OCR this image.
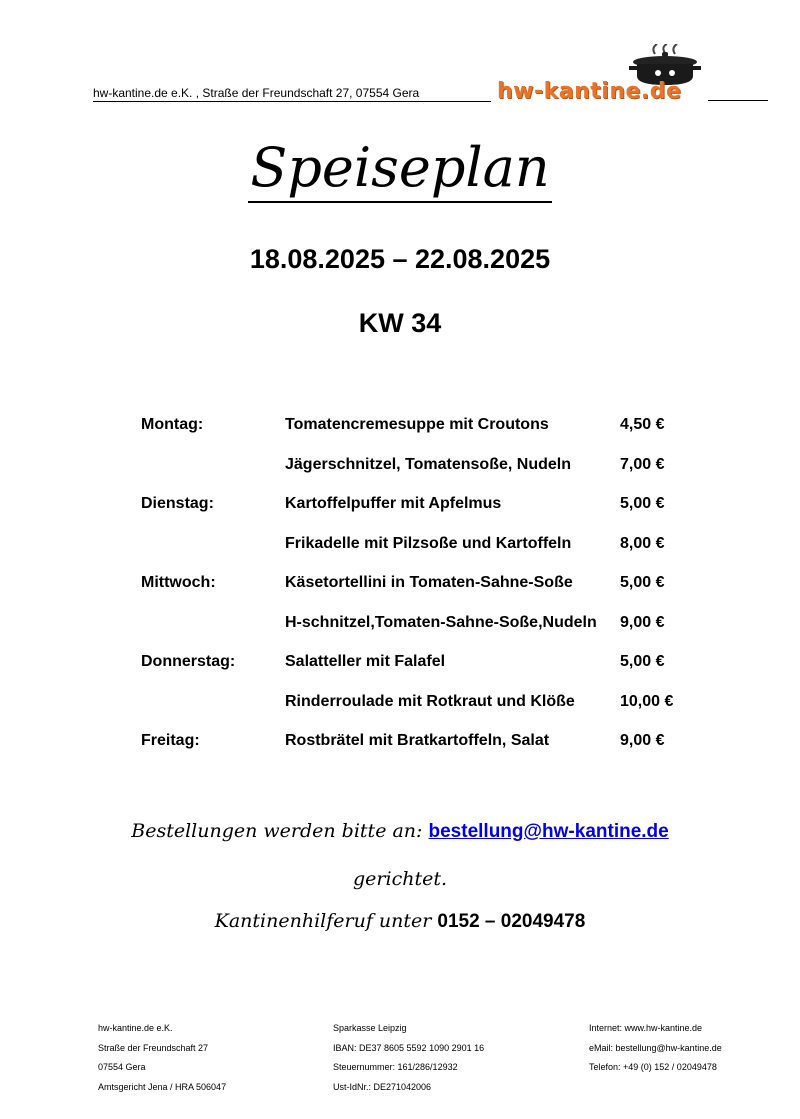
hw-kantine.de e.K. , Straße der Freundschaft 27, 07554 Gera	hw-kantine.de
Speiseplan
18.08.2025 – 22.08.2025
KW 34
Montag:	Tomatencremesuppe mit Croutons	4,50 €
Jägerschnitzel, Tomatensoße, Nudeln	7,00 €
Dienstag:	Kartoffelpuffer mit Apfelmus	5,00 €
Frikadelle mit Pilzsoße und Kartoffeln	8,00 €
Mittwoch:	Käsetortellini in Tomaten-Sahne-Soße	5,00 €
H-schnitzel,Tomaten-Sahne-Soße,Nudeln 9,00 €
Donnerstag:	Salatteller mit Falafel	5,00 €
Rinderroulade mit Rotkraut und Klöße	10,00 €
Freitag:	Rostbrätel mit Bratkartoffeln, Salat	9,00 €
Bestellungen werden bitte an: bestellung@hw-kantine.de
gerichtet.
Kantinenhilferuf unter 0152 – 02049478
hw-kantine.de e.K.
Straße der Freundschaft 27
07554 Gera
Amtsgericht Jena / HRA 506047
Sparkasse Leipzig
IBAN: DE37 8605 5592 1090 2901 16
Steuernummer: 161/286/12932
Ust-IdNr.: DE271042006
Internet: www.hw-kantine.de
eMail: bestellung@hw-kantine.de
Telefon: +49 (0) 152 / 02049478
